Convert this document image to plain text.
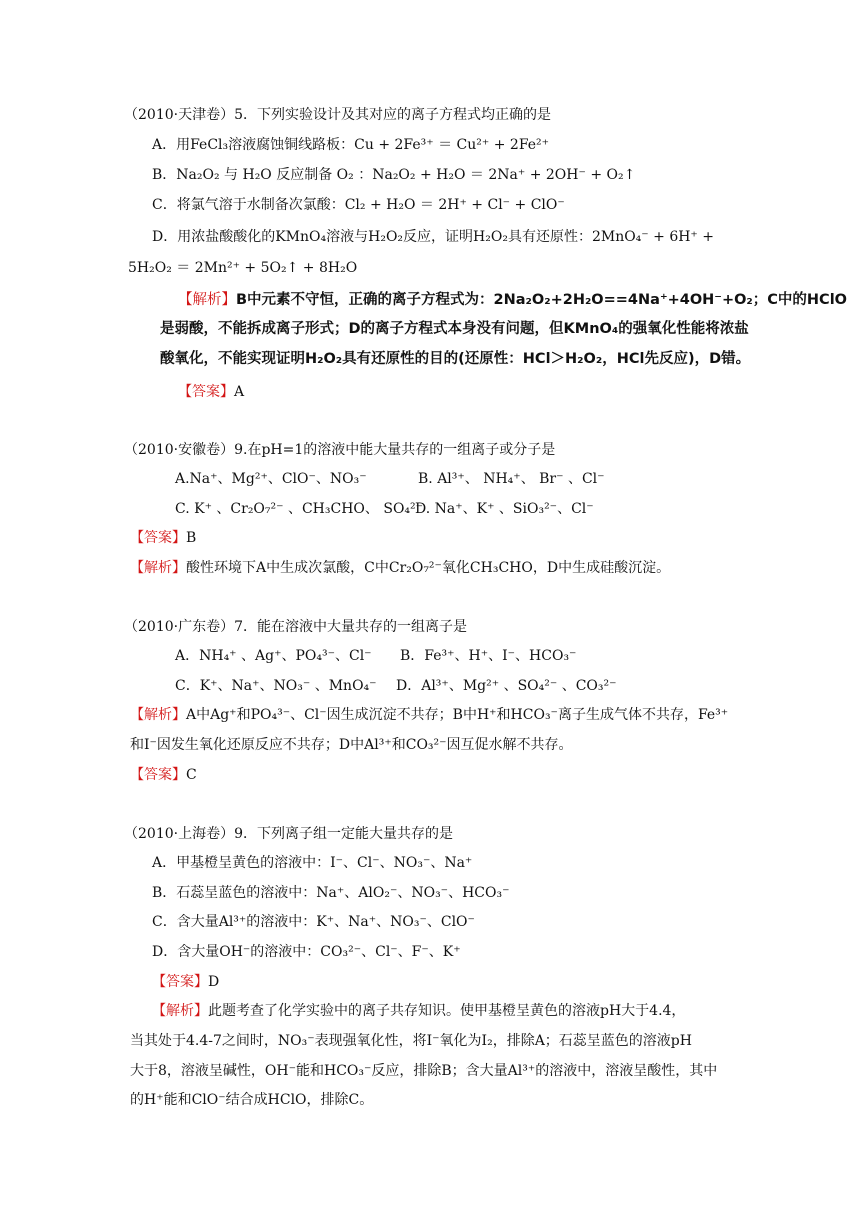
（2010·天津卷）5．下列实验设计及其对应的离子方程式均正确的是
A．用FeCl₃溶液腐蚀铜线路板：Cu + 2Fe³⁺ ＝ Cu²⁺ + 2Fe²⁺
B．Na₂O₂ 与 H₂O 反应制备 O₂ ：Na₂O₂ + H₂O ＝ 2Na⁺ + 2OH⁻ + O₂↑
C．将氯气溶于水制备次氯酸：Cl₂ + H₂O ＝ 2H⁺ + Cl⁻ + ClO⁻
D．用浓盐酸酸化的KMnO₄溶液与H₂O₂反应，证明H₂O₂具有还原性：2MnO₄⁻ + 6H⁺ +
5H₂O₂ ＝ 2Mn²⁺ + 5O₂↑ + 8H₂O
【解析】B中元素不守恒，正确的离子方程式为：2Na₂O₂+2H₂O==4Na⁺+4OH⁻+O₂；C中的HClO
是弱酸，不能拆成离子形式；D的离子方程式本身没有问题，但KMnO₄的强氧化性能将浓盐
酸氧化，不能实现证明H₂O₂具有还原性的目的(还原性：HCl＞H₂O₂，HCl先反应)，D错。
【答案】A
（2010·安徽卷）9.在pH=1的溶液中能大量共存的一组离子或分子是
A.Na⁺、Mg²⁺、ClO⁻、NO₃⁻	B. Al³⁺、 NH₄⁺、 Br⁻ 、Cl⁻
C. K⁺ 、Cr₂O₇²⁻ 、CH₃CHO、 SO₄²⁻
D. Na⁺、K⁺ 、SiO₃²⁻、Cl⁻
【答案】B
【解析】酸性环境下A中生成次氯酸，C中Cr₂O₇²⁻氧化CH₃CHO，D中生成硅酸沉淀。
（2010·广东卷）7．能在溶液中大量共存的一组离子是
A．NH₄⁺ 、Ag⁺、PO₄³⁻、Cl⁻ B．Fe³⁺、H⁺、I⁻、HCO₃⁻
C．K⁺、Na⁺、NO₃⁻ 、MnO₄⁻ D．Al³⁺、Mg²⁺ 、SO₄²⁻ 、CO₃²⁻
【解析】A中Ag⁺和PO₄³⁻、Cl⁻因生成沉淀不共存；B中H⁺和HCO₃⁻离子生成气体不共存，Fe³⁺
和I⁻因发生氧化还原反应不共存；D中Al³⁺和CO₃²⁻因互促水解不共存。
【答案】C
（2010·上海卷）9．下列离子组一定能大量共存的是
A．甲基橙呈黄色的溶液中：I⁻、Cl⁻、NO₃⁻、Na⁺
B．石蕊呈蓝色的溶液中：Na⁺、AlO₂⁻、NO₃⁻、HCO₃⁻
C．含大量Al³⁺的溶液中：K⁺、Na⁺、NO₃⁻、ClO⁻
D．含大量OH⁻的溶液中：CO₃²⁻、Cl⁻、F⁻、K⁺
【答案】D
【解析】此题考查了化学实验中的离子共存知识。使甲基橙呈黄色的溶液pH大于4.4，
当其处于4.4-7之间时，NO₃⁻表现强氧化性，将I⁻氧化为I₂，排除A；石蕊呈蓝色的溶液pH
大于8，溶液呈碱性，OH⁻能和HCO₃⁻反应，排除B；含大量Al³⁺的溶液中，溶液呈酸性，其中
的H⁺能和ClO⁻结合成HClO，排除C。
